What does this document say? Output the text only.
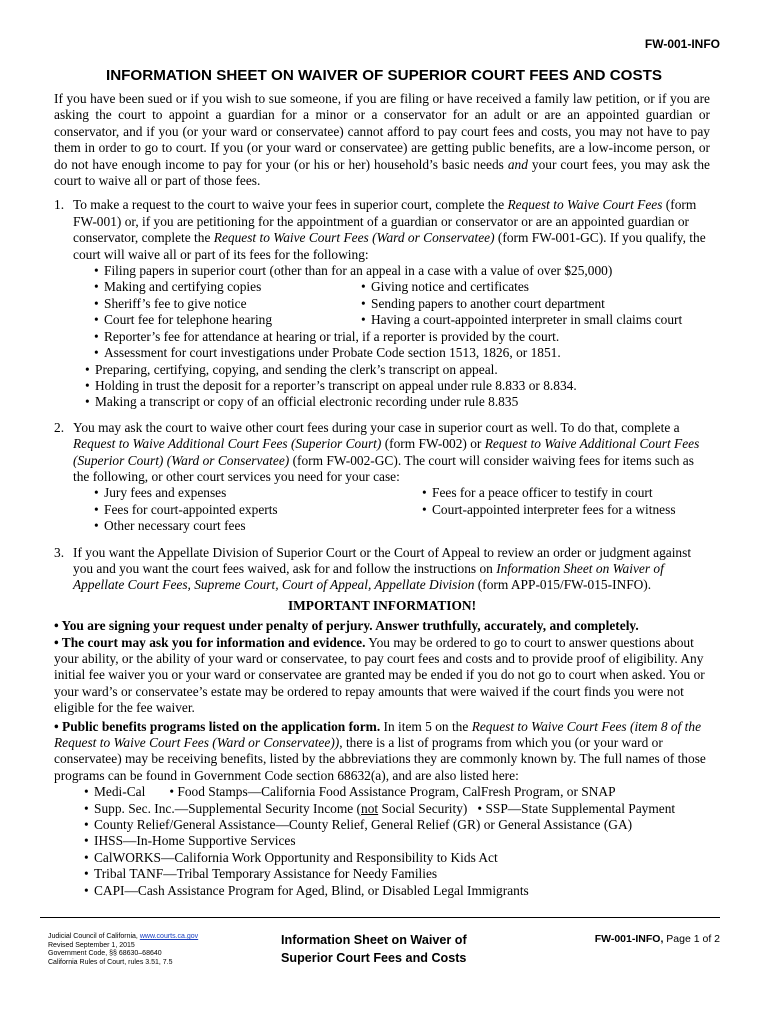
FW-001-INFO
INFORMATION SHEET ON WAIVER OF SUPERIOR COURT FEES AND COSTS

If you have been sued or if you wish to sue someone, if you are filing or have received a family law petition, or if you are asking the court to appoint a guardian for a minor or a conservator for an adult or are an appointed guardian or conservator, and if you (or your ward or conservatee) cannot afford to pay court fees and costs, you may not have to pay them in order to go to court. If you (or your ward or conservatee) are getting public benefits, are a low-income person, or do not have enough income to pay for your (or his or her) household’s basic needs and your court fees, you may ask the court to waive all or part of those fees.

1. To make a request to the court to waive your fees in superior court, complete the Request to Waive Court Fees (form FW-001) or, if you are petitioning for the appointment of a guardian or conservator or are an appointed guardian or conservator, complete the Request to Waive Court Fees (Ward or Conservatee) (form FW-001-GC). If you qualify, the court will waive all or part of its fees for the following:
• Filing papers in superior court (other than for an appeal in a case with a value of over $25,000)
• Making and certifying copies	• Giving notice and certificates
• Sheriff’s fee to give notice	• Sending papers to another court department
• Court fee for telephone hearing	• Having a court-appointed interpreter in small claims court
• Reporter’s fee for attendance at hearing or trial, if a reporter is provided by the court.
• Assessment for court investigations under Probate Code section 1513, 1826, or 1851.
• Preparing, certifying, copying, and sending the clerk’s transcript on appeal.
• Holding in trust the deposit for a reporter’s transcript on appeal under rule 8.833 or 8.834.
• Making a transcript or copy of an official electronic recording under rule 8.835
2. You may ask the court to waive other court fees during your case in superior court as well. To do that, complete a Request to Waive Additional Court Fees (Superior Court) (form FW-002) or Request to Waive Additional Court Fees (Superior Court) (Ward or Conservatee) (form FW-002-GC). The court will consider waiving fees for items such as the following, or other court services you need for your case:
• Jury fees and expenses	• Fees for a peace officer to testify in court
• Fees for court-appointed experts	• Court-appointed interpreter fees for a witness
• Other necessary court fees
3. If you want the Appellate Division of Superior Court or the Court of Appeal to review an order or judgment against you and you want the court fees waived, ask for and follow the instructions on Information Sheet on Waiver of Appellate Court Fees, Supreme Court, Court of Appeal, Appellate Division (form APP-015/FW-015-INFO).
IMPORTANT INFORMATION!
• You are signing your request under penalty of perjury. Answer truthfully, accurately, and completely.
• The court may ask you for information and evidence. You may be ordered to go to court to answer questions about your ability, or the ability of your ward or conservatee, to pay court fees and costs and to provide proof of eligibility. Any initial fee waiver you or your ward or conservatee are granted may be ended if you do not go to court when asked. You or your ward’s or conservatee’s estate may be ordered to repay amounts that were waived if the court finds you were not eligible for the fee waiver.
• Public benefits programs listed on the application form. In item 5 on the Request to Waive Court Fees (item 8 of the Request to Waive Court Fees (Ward or Conservatee)), there is a list of programs from which you (or your ward or conservatee) may be receiving benefits, listed by the abbreviations they are commonly known by. The full names of those programs can be found in Government Code section 68632(a), and are also listed here:
• Medi-Cal • Food Stamps—California Food Assistance Program, CalFresh Program, or SNAP
• Supp. Sec. Inc.—Supplemental Security Income (not Social Security) • SSP—State Supplemental Payment
• County Relief/General Assistance—County Relief, General Relief (GR) or General Assistance (GA)
• IHSS—In-Home Supportive Services
• CalWORKS—California Work Opportunity and Responsibility to Kids Act
• Tribal TANF—Tribal Temporary Assistance for Needy Families
• CAPI—Cash Assistance Program for Aged, Blind, or Disabled Legal Immigrants
Judicial Council of California, www.courts.ca.gov
Revised September 1, 2015
Government Code, §§ 68630–68640
California Rules of Court, rules 3.51, 7.5
Information Sheet on Waiver of
Superior Court Fees and Costs
FW-001-INFO, Page 1 of 2
